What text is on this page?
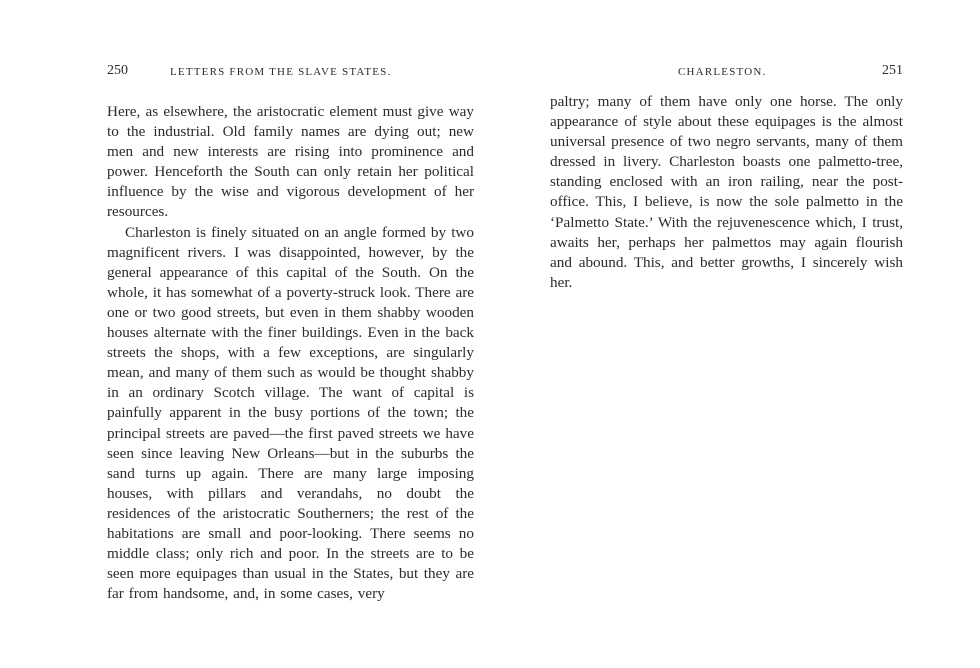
250	LETTERS FROM THE SLAVE STATES.

Here, as elsewhere, the aristocratic element must give way to the industrial. Old family names are dying out; new men and new interests are rising into prominence and power. Henceforth the South can only retain her political influence by the wise and vigorous development of her resources.

Charleston is finely situated on an angle formed by two magnificent rivers. I was disappointed, however, by the general appearance of this capital of the South. On the whole, it has somewhat of a poverty-struck look. There are one or two good streets, but even in them shabby wooden houses alternate with the finer buildings. Even in the back streets the shops, with a few exceptions, are singularly mean, and many of them such as would be thought shabby in an ordinary Scotch village. The want of capital is painfully apparent in the busy portions of the town; the principal streets are paved—the first paved streets we have seen since leaving New Orleans—but in the suburbs the sand turns up again. There are many large imposing houses, with pillars and verandahs, no doubt the residences of the aristocratic Southerners; the rest of the habitations are small and poor-looking. There seems no middle class; only rich and poor. In the streets are to be seen more equipages than usual in the States, but they are far from handsome, and, in some cases, very

CHARLESTON.	251

paltry; many of them have only one horse. The only appearance of style about these equipages is the almost universal presence of two negro servants, many of them dressed in livery. Charleston boasts one palmetto-tree, standing enclosed with an iron railing, near the post-office. This, I believe, is now the sole palmetto in the ‘Palmetto State.’ With the rejuvenescence which, I trust, awaits her, perhaps her palmettos may again flourish and abound. This, and better growths, I sincerely wish her.
